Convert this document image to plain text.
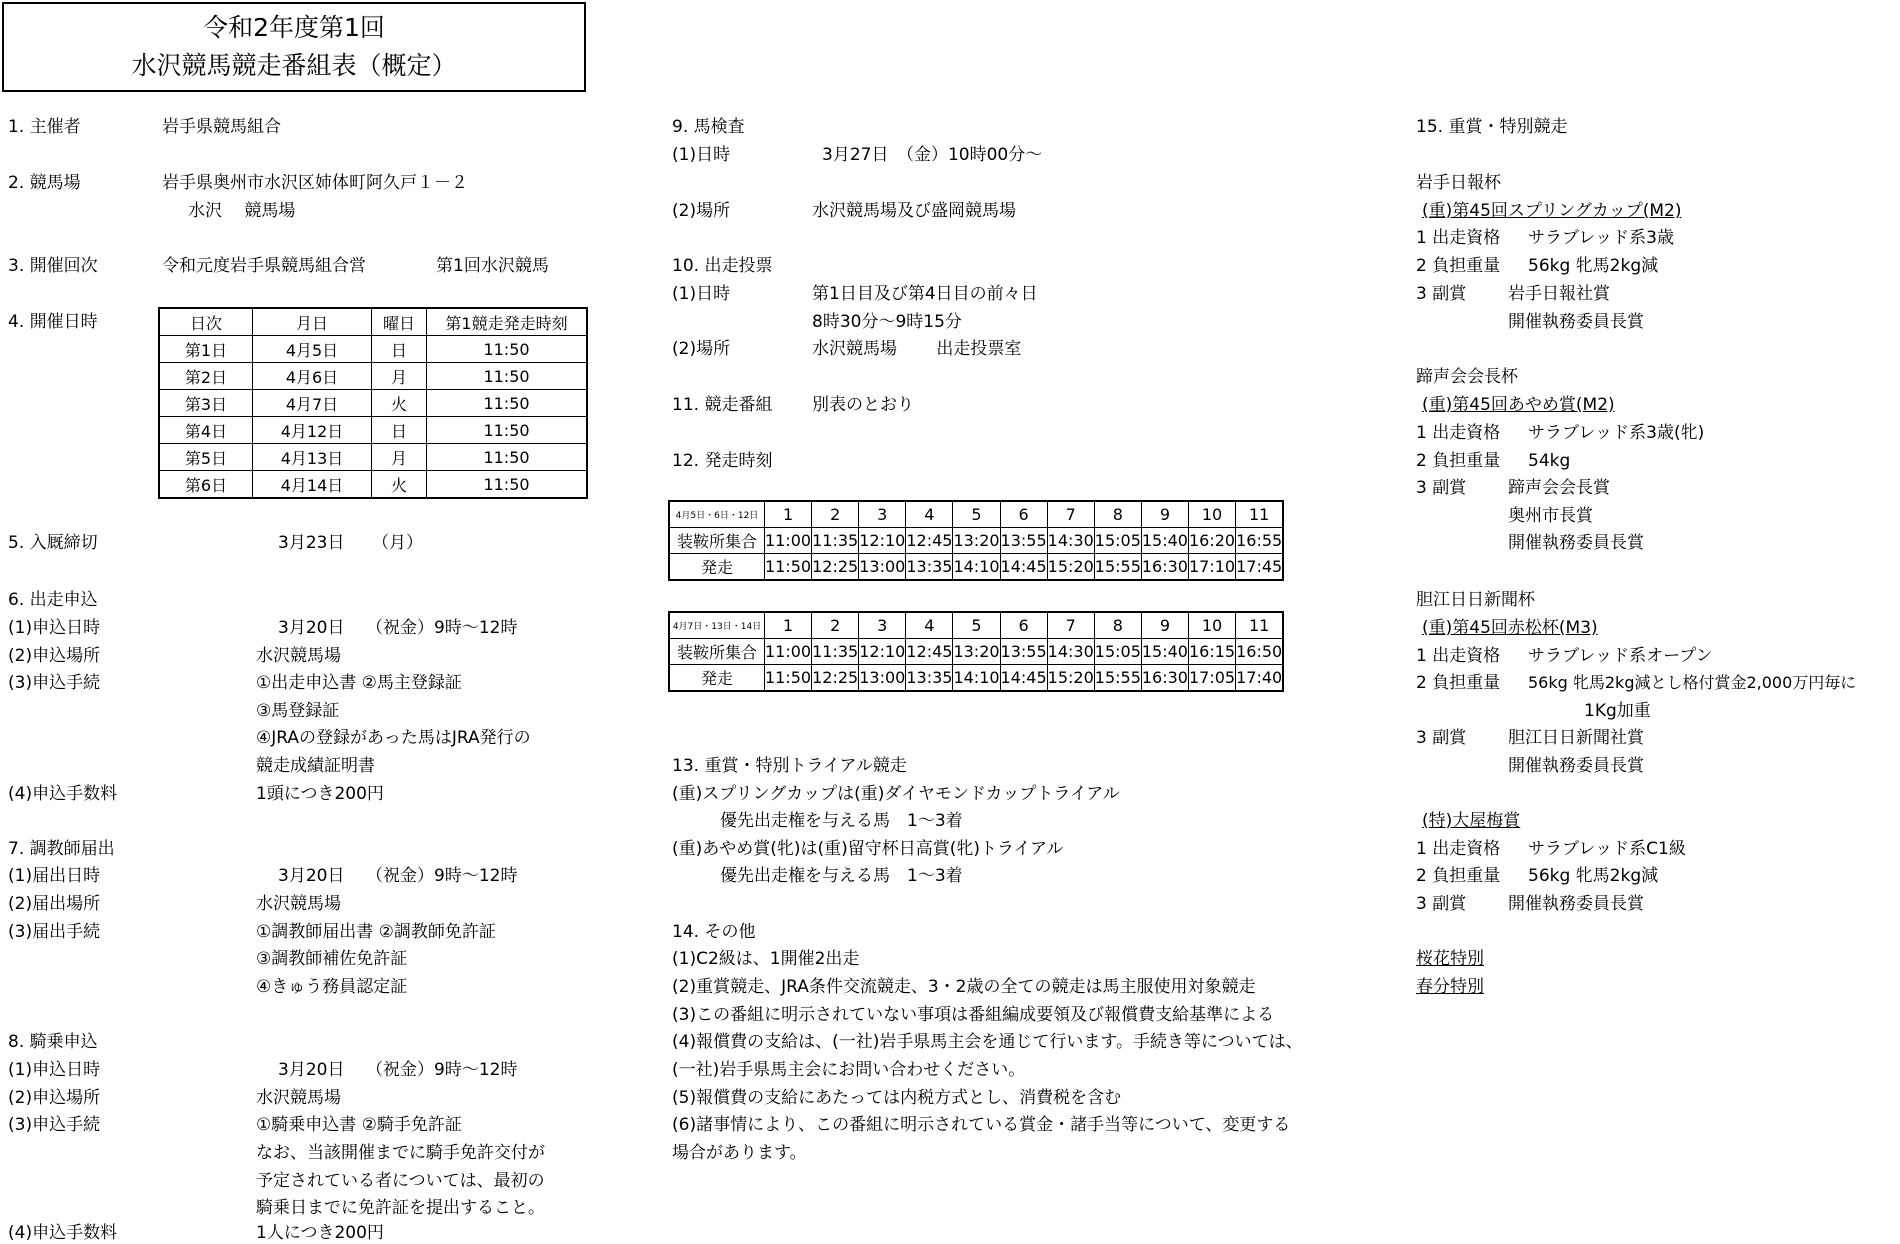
令和2年度第1回
水沢競馬競走番組表（概定）
1. 主催者	岩手県競馬組合
2. 競馬場	岩手県奥州市水沢区姉体町阿久戸１－２
水沢　 競馬場
3. 開催回次	令和元度岩手県競馬組合営	第1回水沢競馬
4. 開催日時	日次	月日	曜日	第1競走発走時刻
第1日	4月5日	日	11:50
第2日	4月6日	月	11:50
第3日	4月7日	火	11:50
第4日	4月12日	日	11:50
第5日	4月13日	月	11:50
第6日	4月14日	火	11:50
5. 入厩締切	3月23日 （月）
6. 出走申込
(1)申込日時	3月20日 （祝金）9時～12時
(2)申込場所	水沢競馬場
(3)申込手続	①出走申込書 ②馬主登録証
③馬登録証
④JRAの登録があった馬はJRA発行の
競走成績証明書
(4)申込手数料	1頭につき200円
7. 調教師届出
(1)届出日時	3月20日 （祝金）9時～12時
(2)届出場所	水沢競馬場
(3)届出手続	①調教師届出書 ②調教師免許証
③調教師補佐免許証
④きゅう務員認定証
8. 騎乗申込
(1)申込日時	3月20日 （祝金）9時～12時
(2)申込場所	水沢競馬場
(3)申込手続	①騎乗申込書 ②騎手免許証
なお、当該開催までに騎手免許交付が
予定されている者については、最初の
騎乗日までに免許証を提出すること。
(4)申込手数料	1人につき200円
9. 馬検査
(1)日時	3月27日　（金）10時00分～
(2)場所	水沢競馬場及び盛岡競馬場
10. 出走投票
(1)日時	第1日目及び第4日目の前々日
8時30分～9時15分
(2)場所	水沢競馬場　　 出走投票室
11. 競走番組 別表のとおり
12. 発走時刻
4月5日・6日・12日	1	2	3	4	5	6	7	8	9	10	11
装鞍所集合	11:00	11:35	12:10	12:45	13:20	13:55	14:30	15:05	15:40	16:20	16:55
発走	11:50	12:25	13:00	13:35	14:10	14:45	15:20	15:55	16:30	17:10	17:45
4月7日・13日・14日	1	2	3	4	5	6	7	8	9	10	11
装鞍所集合	11:00	11:35	12:10	12:45	13:20	13:55	14:30	15:05	15:40	16:15	16:50
発走	11:50	12:25	13:00	13:35	14:10	14:45	15:20	15:55	16:30	17:05	17:40
13. 重賞・特別トライアル競走
(重)スプリングカップは(重)ダイヤモンドカップトライアル
優先出走権を与える馬　1～3着
(重)あやめ賞(牝)は(重)留守杯日高賞(牝)トライアル
優先出走権を与える馬　1～3着
14. その他
(1)C2級は、1開催2出走
(2)重賞競走、JRA条件交流競走、3・2歳の全ての競走は馬主服使用対象競走
(3)この番組に明示されていない事項は番組編成要領及び報償費支給基準による
(4)報償費の支給は、(一社)岩手県馬主会を通じて行います。手続き等については、
(一社)岩手県馬主会にお問い合わせください。
(5)報償費の支給にあたっては内税方式とし、消費税を含む
(6)諸事情により、この番組に明示されている賞金・諸手当等について、変更する
場合があります。
15. 重賞・特別競走
岩手日報杯
(重)第45回スプリングカップ(M2)
1 出走資格 サラブレッド系3歳
2 負担重量 56kg 牝馬2kg減
3 副賞 岩手日報社賞
開催執務委員長賞
蹄声会会長杯
(重)第45回あやめ賞(M2)
1 出走資格 サラブレッド系3歳(牝)
2 負担重量 54kg
3 副賞 蹄声会会長賞
奥州市長賞
開催執務委員長賞
胆江日日新聞杯
(重)第45回赤松杯(M3)
1 出走資格 サラブレッド系オープン
2 負担重量 56kg 牝馬2kg減とし格付賞金2,000万円毎に
1Kg加重
3 副賞 胆江日日新聞社賞
開催執務委員長賞
(特)大屋梅賞
1 出走資格 サラブレッド系C1級
2 負担重量 56kg 牝馬2kg減
3 副賞 開催執務委員長賞
桜花特別
春分特別
